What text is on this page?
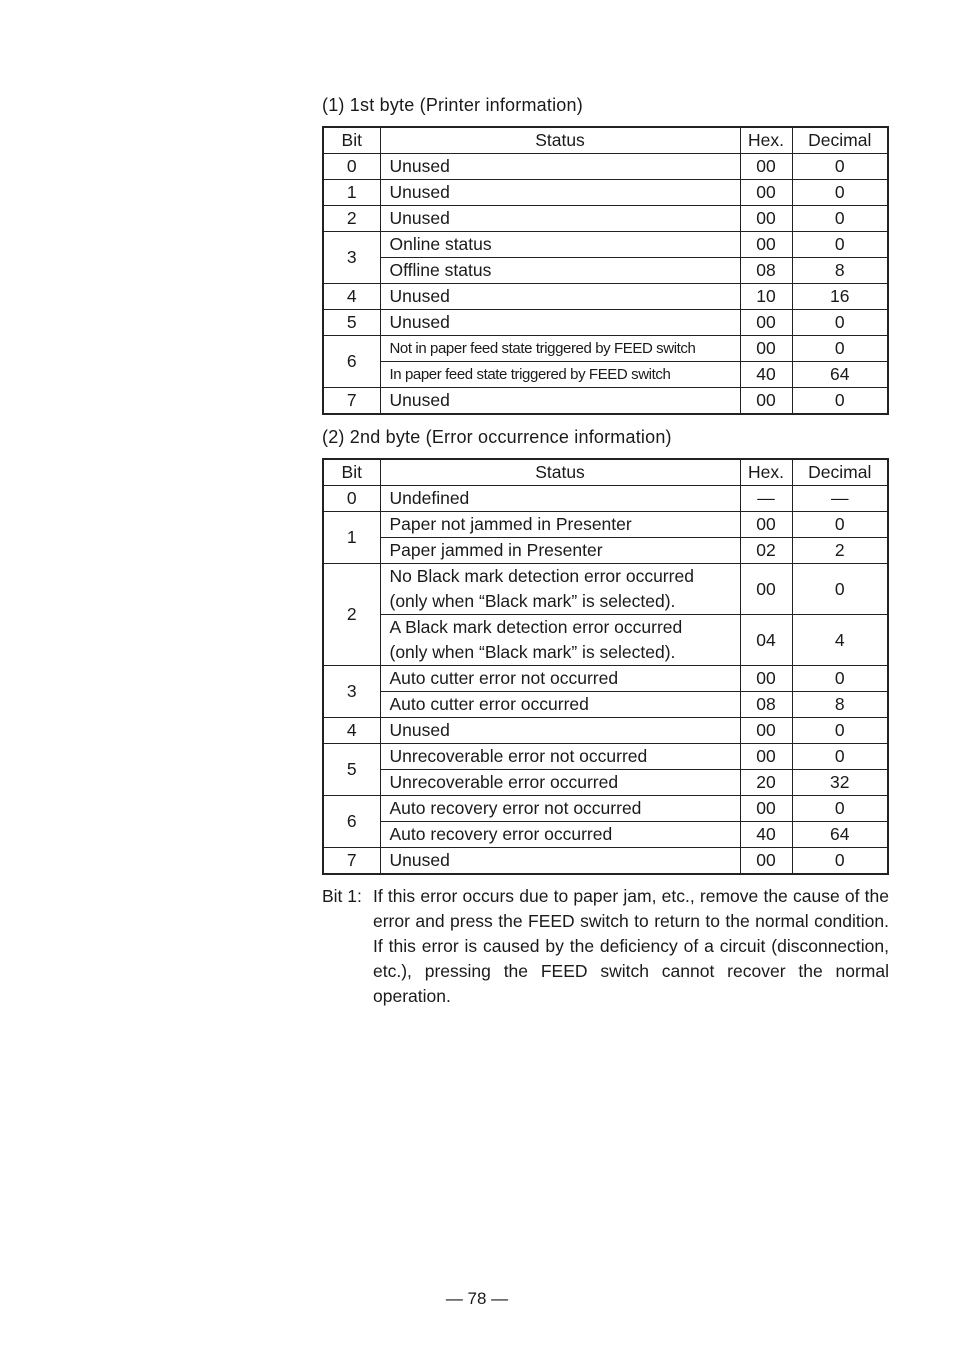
(1) 1st byte (Printer information)
Bit	Status	Hex.	Decimal
0	Unused	00	0
1	Unused	00	0
2	Unused	00	0
3	Online status	00	0
	Offline status	08	8
4	Unused	10	16
5	Unused	00	0
6	Not in paper feed state triggered by FEED switch	00	0
	In paper feed state triggered by FEED switch	40	64
7	Unused	00	0
(2) 2nd byte (Error occurrence information)
Bit	Status	Hex.	Decimal
0	Undefined	—	—
1	Paper not jammed in Presenter	00	0
	Paper jammed in Presenter	02	2
2	No Black mark detection error occurred
(only when “Black mark” is selected).	00	0
	A Black mark detection error occurred
(only when “Black mark” is selected).	04	4
3	Auto cutter error not occurred	00	0
	Auto cutter error occurred	08	8
4	Unused	00	0
5	Unrecoverable error not occurred	00	0
	Unrecoverable error occurred	20	32
6	Auto recovery error not occurred	00	0
	Auto recovery error occurred	40	64
7	Unused	00	0
Bit 1: If this error occurs due to paper jam, etc., remove the cause of the error and press the FEED switch to return to the normal condition. If this error is caused by the deficiency of a circuit (disconnection, etc.), pressing the FEED switch cannot recover the normal operation.
— 78 —
